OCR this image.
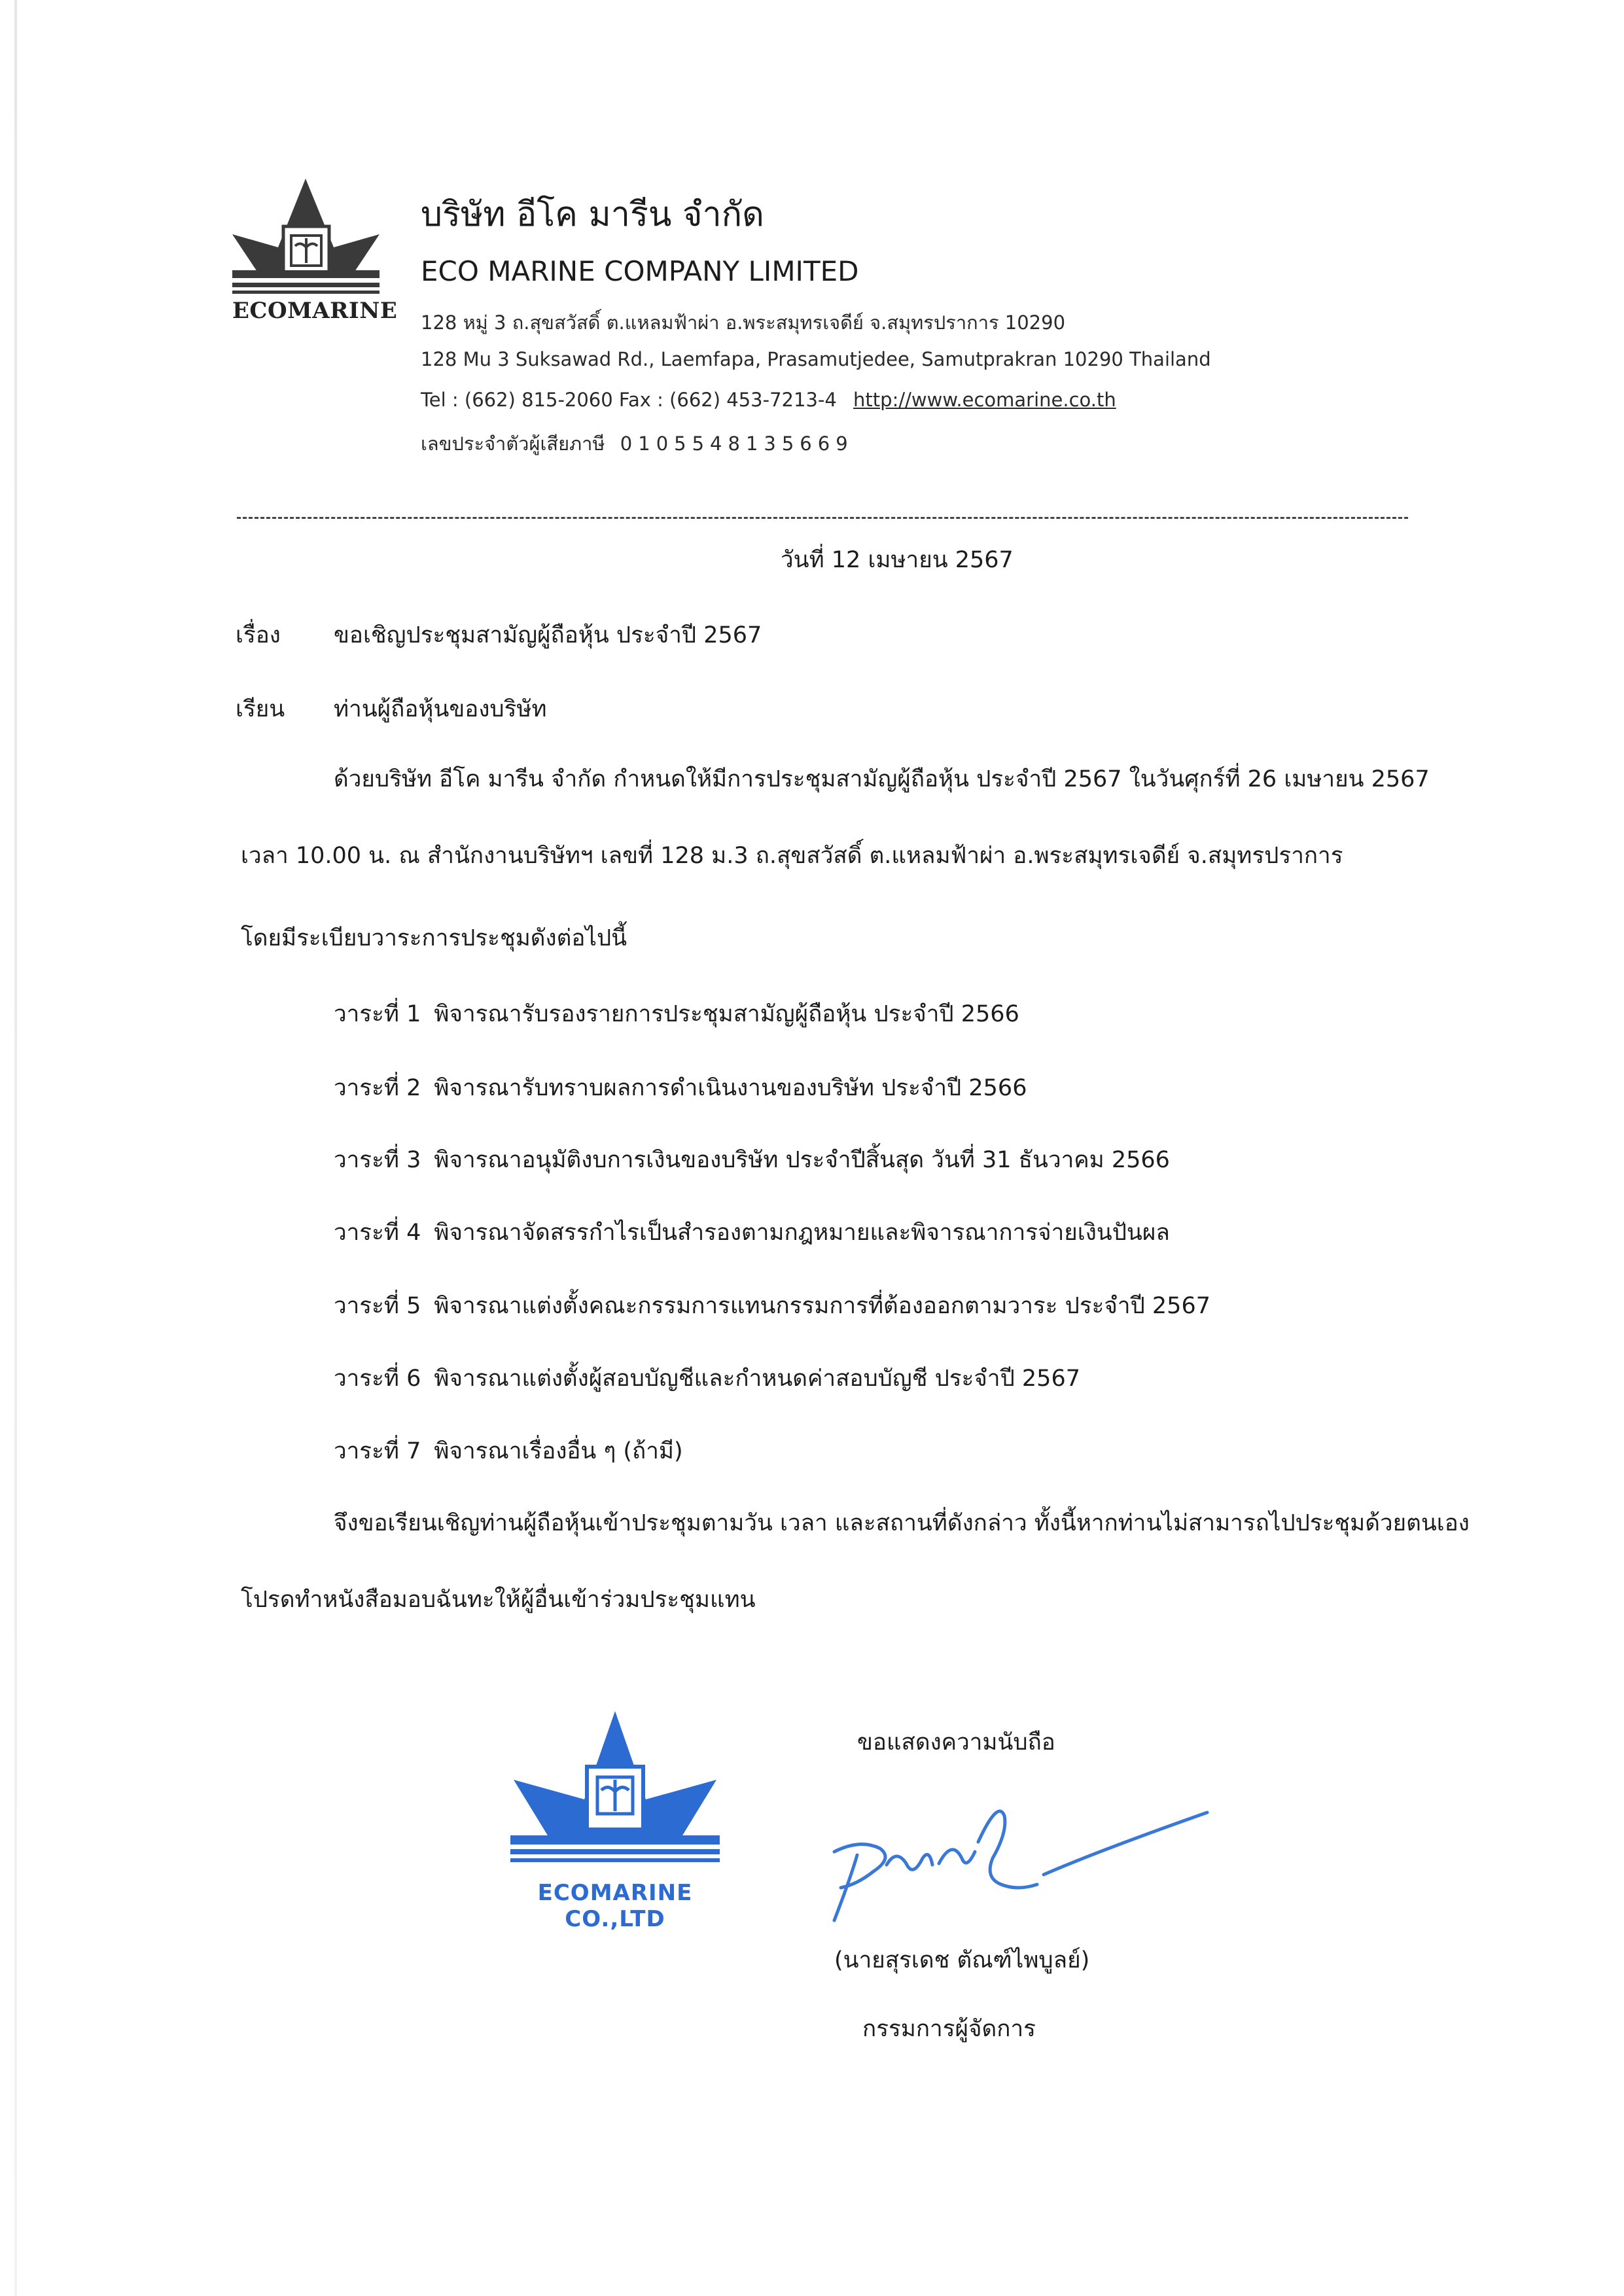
ECOMARINE
บริษัท อีโค มารีน จำกัด
ECO MARINE COMPANY LIMITED
128 หมู่ 3 ถ.สุขสวัสดิ์ ต.แหลมฟ้าผ่า อ.พระสมุทรเจดีย์ จ.สมุทรปราการ 10290
128 Mu 3 Suksawad Rd., Laemfapa, Prasamutjedee, Samutprakran 10290 Thailand
Tel : (662) 815-2060 Fax : (662) 453-7213-4 http://www.ecomarine.co.th
เลขประจำตัวผู้เสียภาษี 0105548135669
วันที่ 12 เมษายน 2567
เรื่อง ขอเชิญประชุมสามัญผู้ถือหุ้น ประจำปี 2567
เรียน ท่านผู้ถือหุ้นของบริษัท
ด้วยบริษัท อีโค มารีน จำกัด กำหนดให้มีการประชุมสามัญผู้ถือหุ้น ประจำปี 2567 ในวันศุกร์ที่ 26 เมษายน 2567
เวลา 10.00 น. ณ สำนักงานบริษัทฯ เลขที่ 128 ม.3 ถ.สุขสวัสดิ์ ต.แหลมฟ้าผ่า อ.พระสมุทรเจดีย์ จ.สมุทรปราการ
โดยมีระเบียบวาระการประชุมดังต่อไปนี้
วาระที่ 1 พิจารณารับรองรายการประชุมสามัญผู้ถือหุ้น ประจำปี 2566
วาระที่ 2 พิจารณารับทราบผลการดำเนินงานของบริษัท ประจำปี 2566
วาระที่ 3 พิจารณาอนุมัติงบการเงินของบริษัท ประจำปีสิ้นสุด วันที่ 31 ธันวาคม 2566
วาระที่ 4 พิจารณาจัดสรรกำไรเป็นสำรองตามกฎหมายและพิจารณาการจ่ายเงินปันผล
วาระที่ 5 พิจารณาแต่งตั้งคณะกรรมการแทนกรรมการที่ต้องออกตามวาระ ประจำปี 2567
วาระที่ 6 พิจารณาแต่งตั้งผู้สอบบัญชีและกำหนดค่าสอบบัญชี ประจำปี 2567
วาระที่ 7 พิจารณาเรื่องอื่น ๆ (ถ้ามี)
จึงขอเรียนเชิญท่านผู้ถือหุ้นเข้าประชุมตามวัน เวลา และสถานที่ดังกล่าว ทั้งนี้หากท่านไม่สามารถไปประชุมด้วยตนเอง
โปรดทำหนังสือมอบฉันทะให้ผู้อื่นเข้าร่วมประชุมแทน
ขอแสดงความนับถือ
ECOMARINE CO.,LTD
(นายสุรเดช ตัณฑ์ไพบูลย์)
กรรมการผู้จัดการ
